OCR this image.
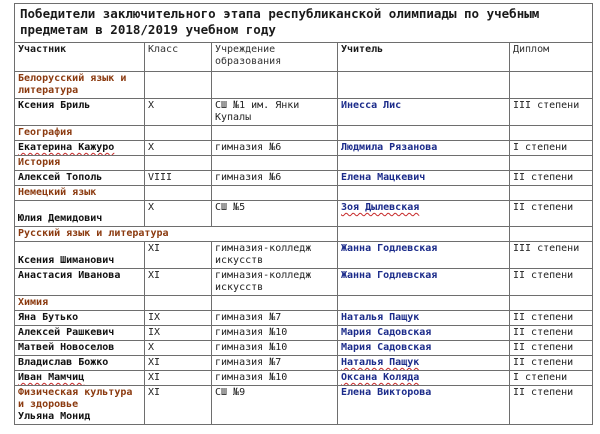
Победители заключительного этапа республиканской олимпиады по учебным предметам в 2018/2019 учебном году				
Участник	Класс	Учреждение образования	Учитель	Диплом
Белорусский язык и литература				
Ксения Бриль	X	СШ №1 им. Янки Купалы	Инесса Лис	III степени
География				
Екатерина Кажуро	X	гимназия №6	Людмила Рязанова	I степени
История				
Алексей Тополь	VIII	гимназия №6	Елена Мацкевич	II степени
Немецкий язык				
Юлия Демидович	X	СШ №5	Зоя Дылевская	II степени
Русский язык и литература				
Ксения Шиманович	XI	гимназия-колледж искусств	Жанна Годлевская	III степени
Анастасия Иванова	XI	гимназия-колледж искусств	Жанна Годлевская	II степени
Химия				
Яна Бутько	IX	гимназия №7	Наталья Пащук	II степени
Алексей Рашкевич	IX	гимназия №10	Мария Садовская	II степени
Матвей Новоселов	X	гимназия №10	Мария Садовская	II степени
Владислав Божко	XI	гимназия №7	Наталья Пащук	II степени
Иван Мамчиц	XI	гимназия №10	Оксана Коляда	I степени

Физическая культура и здоровье
Ульяна Монид	XI	СШ №9	Елена Викторова	II степени
